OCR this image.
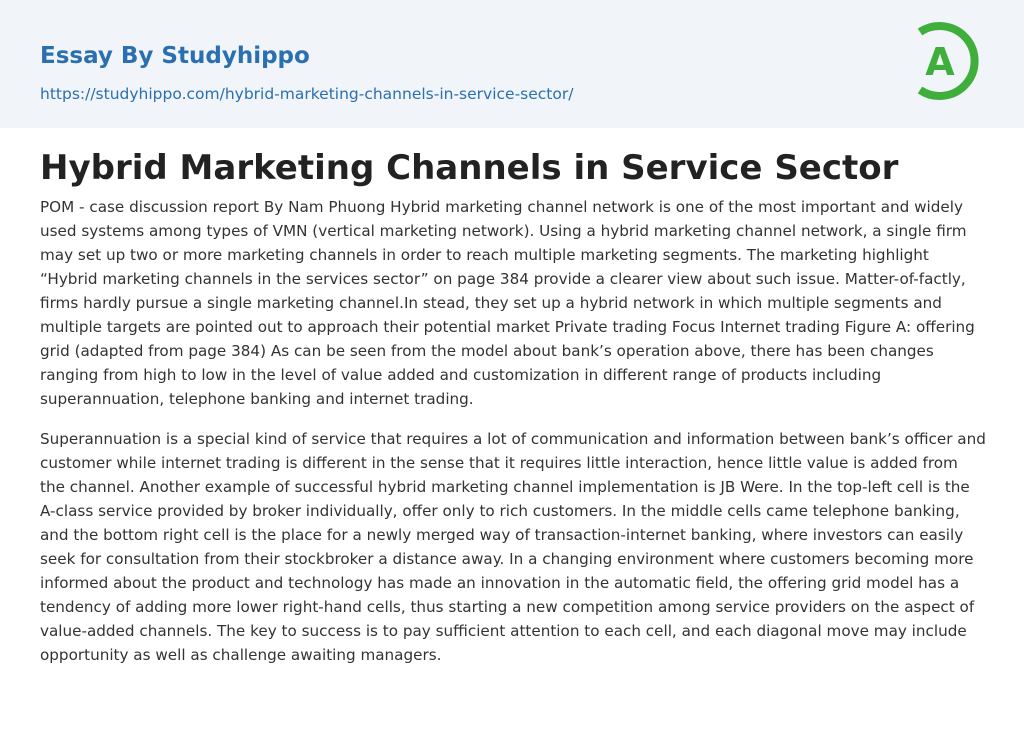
Essay By Studyhippo
https://studyhippo.com/hybrid-marketing-channels-in-service-sector/
A
Hybrid Marketing Channels in Service Sector

POM - case discussion report By Nam Phuong Hybrid marketing channel network is one of the most important and widely used systems among types of VMN (vertical marketing network). Using a hybrid marketing channel network, a single firm may set up two or more marketing channels in order to reach multiple marketing segments. The marketing highlight “Hybrid marketing channels in the services sector” on page 384 provide a clearer view about such issue. Matter-of-factly, firms hardly pursue a single marketing channel.In stead, they set up a hybrid network in which multiple segments and multiple targets are pointed out to approach their potential market Private trading Focus Internet trading Figure A: offering grid (adapted from page 384) As can be seen from the model about bank’s operation above, there has been changes ranging from high to low in the level of value added and customization in different range of products including superannuation, telephone banking and internet trading.

Superannuation is a special kind of service that requires a lot of communication and information between bank’s officer and customer while internet trading is different in the sense that it requires little interaction, hence little value is added from the channel. Another example of successful hybrid marketing channel implementation is JB Were. In the top-left cell is the A-class service provided by broker individually, offer only to rich customers. In the middle cells came telephone banking, and the bottom right cell is the place for a newly merged way of transaction-internet banking, where investors can easily seek for consultation from their stockbroker a distance away. In a changing environment where customers becoming more informed about the product and technology has made an innovation in the automatic field, the offering grid model has a tendency of adding more lower right-hand cells, thus starting a new competition among service providers on the aspect of value-added channels. The key to success is to pay sufficient attention to each cell, and each diagonal move may include opportunity as well as challenge awaiting managers.
